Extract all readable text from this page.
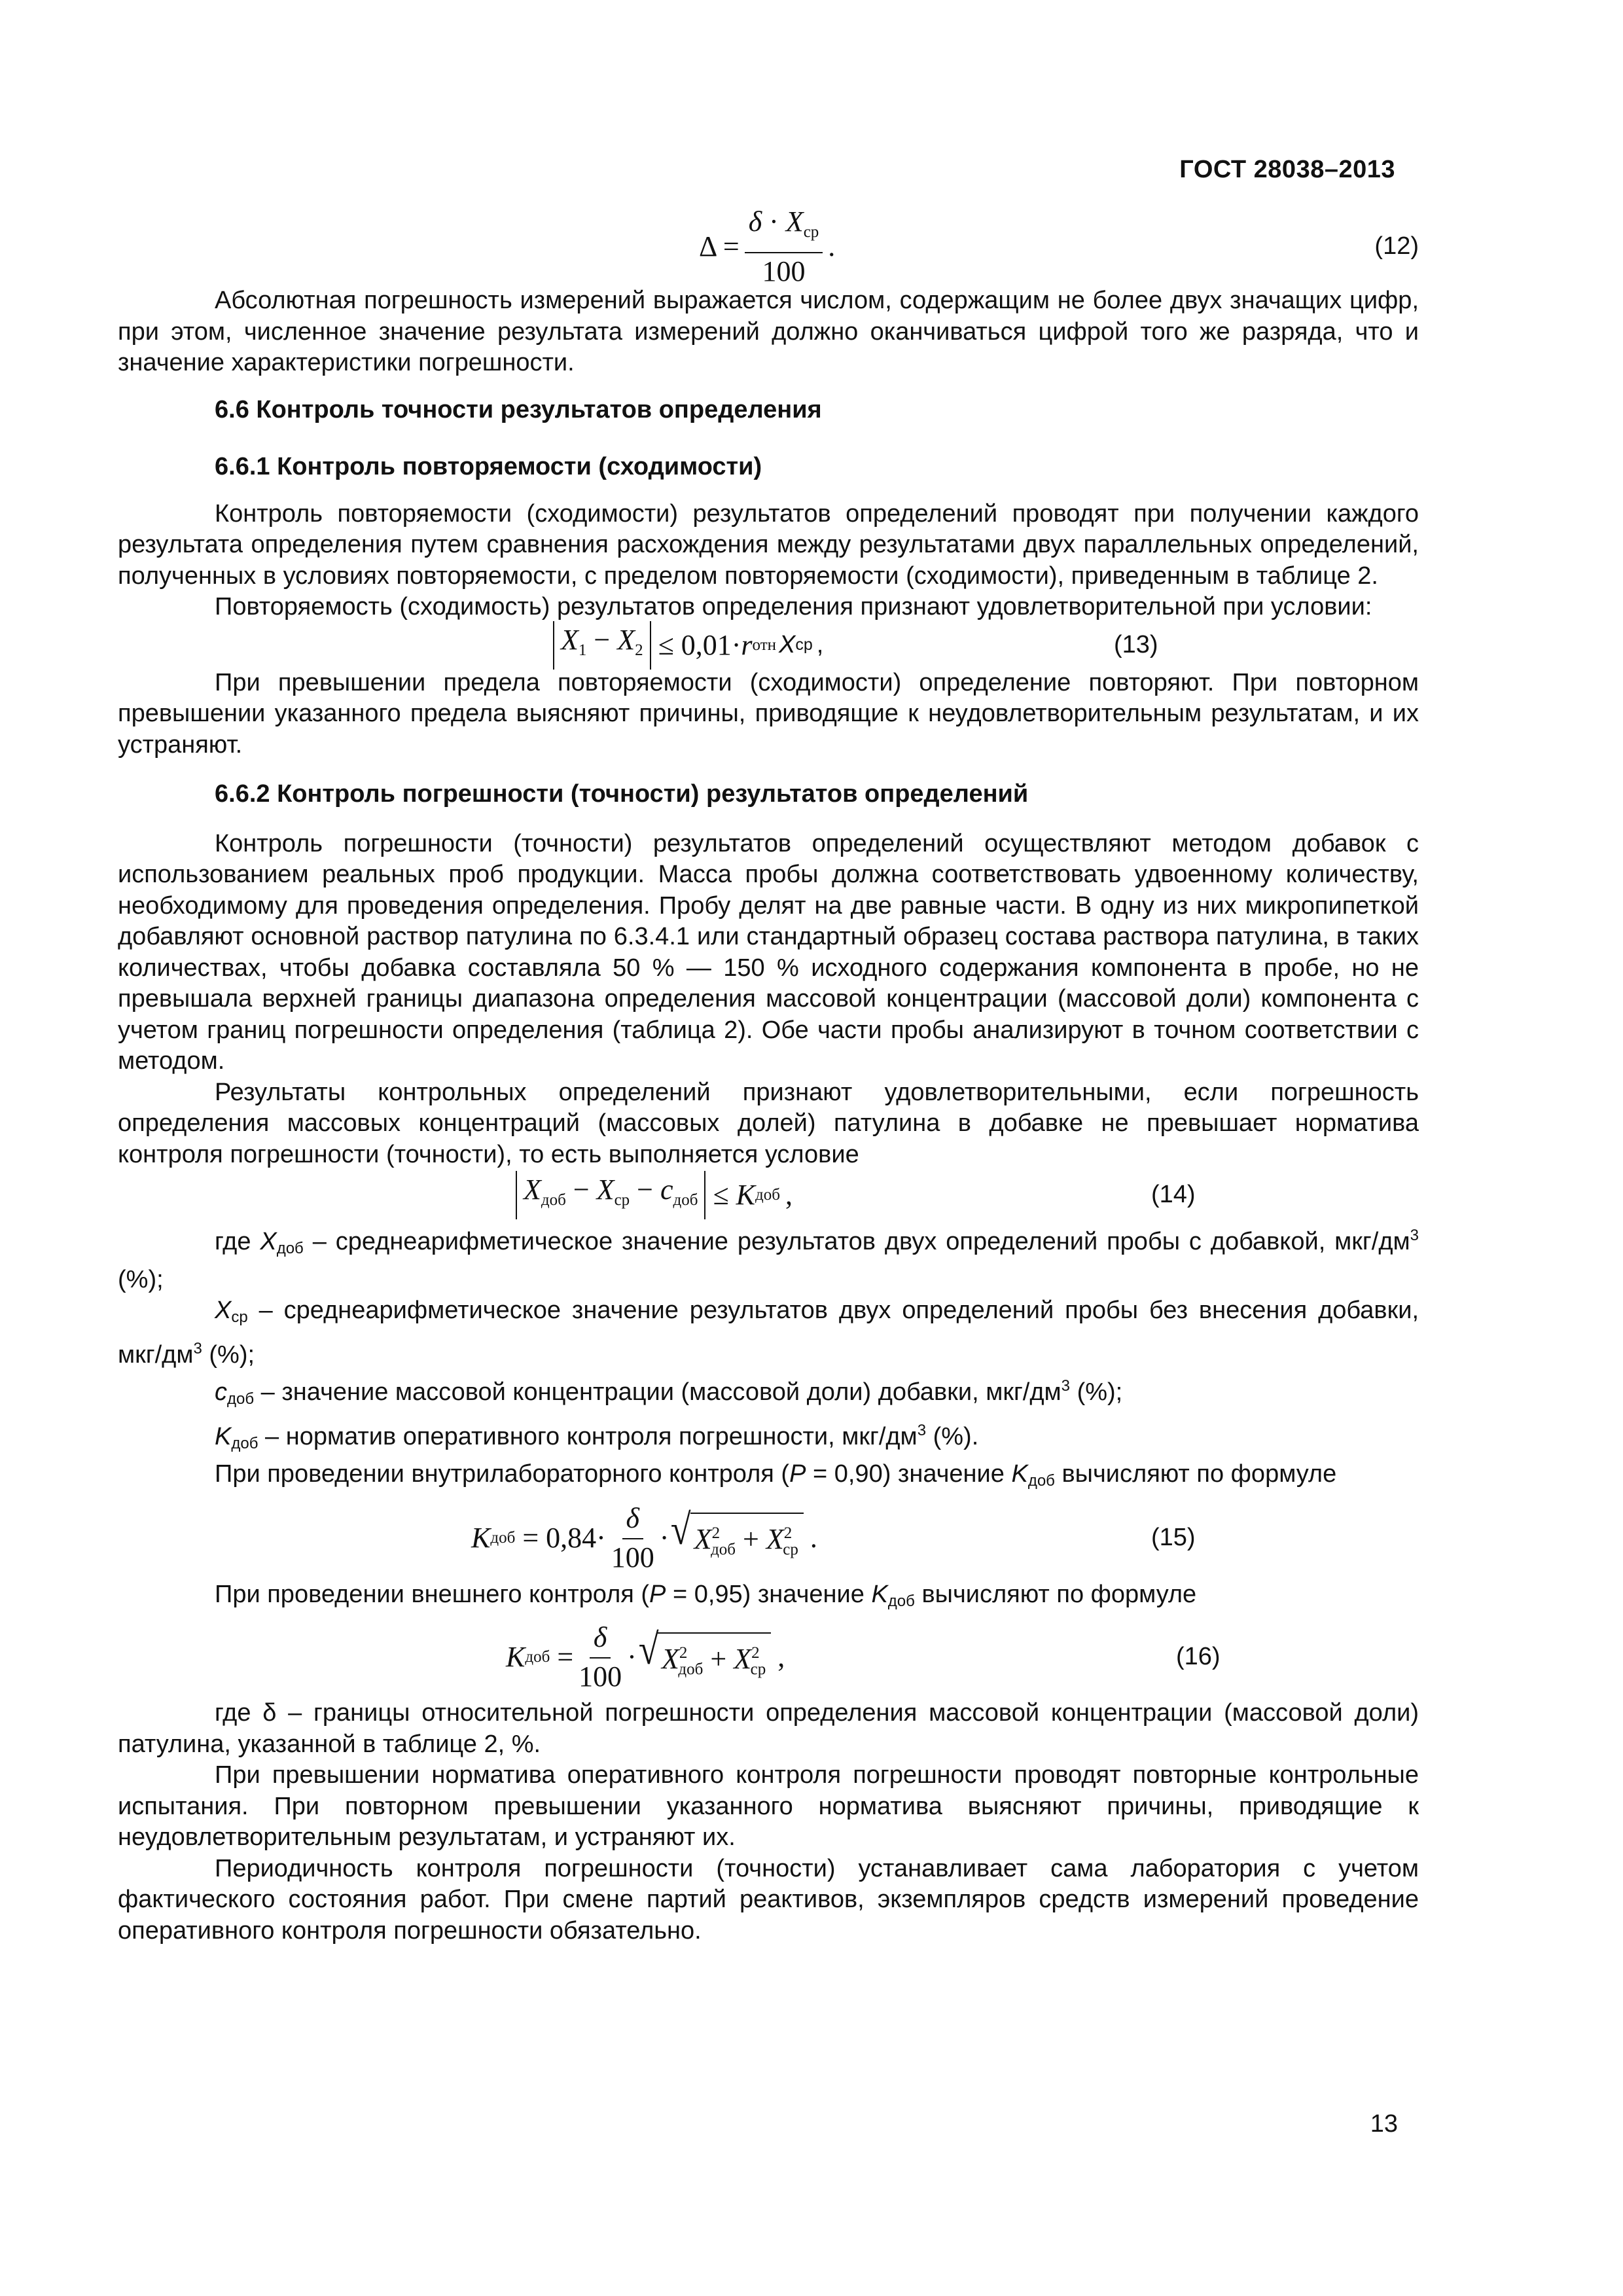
ГОСТ 28038–2013
$\Delta = \frac{\delta \cdot X_{ср}}{100}$ .	(12)

Абсолютная погрешность измерений выражается числом, содержащим не более двух значащих цифр, при этом, численное значение результата измерений должно оканчиваться цифрой того же разряда, что и значение характеристики погрешности.

6.6 Контроль точности результатов определения
6.6.1 Контроль повторяемости (сходимости)

Контроль повторяемости (сходимости) результатов определений проводят при получении каждого результата определения путем сравнения расхождения между результатами двух параллельных определений, полученных в условиях повторяемости, с пределом повторяемости (сходимости), приведенным в таблице 2.

Повторяемость (сходимость) результатов определения признают удовлетворительной при условии:

$X_1 - X_2$
≤ 0,01· r отн X ср ,	(13)

При превышении предела повторяемости (сходимости) определение повторяют. При повторном превышении указанного предела выясняют причины, приводящие к неудовлетворительным результатам, и их устраняют.

6.6.2 Контроль погрешности (точности) результатов определений

Контроль погрешности (точности) результатов определений осуществляют методом добавок с использованием реальных проб продукции. Масса пробы должна соответствовать удвоенному количеству, необходимому для проведения определения. Пробу делят на две равные части. В одну из них микропипеткой добавляют основной раствор патулина по 6.3.4.1 или стандартный образец состава раствора патулина, в таких количествах, чтобы добавка составляла 50 % — 150 % исходного содержания компонента в пробе, но не превышала верхней границы диапазона определения массовой концентрации (массовой доли) компонента с учетом границ погрешности определения (таблица 2). Обе части пробы анализируют в точном соответствии с методом.

Результаты контрольных определений признают удовлетворительными, если погрешность определения массовых концентраций (массовых долей) патулина в добавке не превышает норматива контроля погрешности (точности), то есть выполняется условие

$X_{доб} - X_{ср} - c_{доб}$
≤
K доб ,	(14)

где Xдоб – среднеарифметическое значение результатов двух определений пробы с добавкой, мкг/$дм^3$ (%);

Xср – среднеарифметическое значение результатов двух определений пробы без внесения добавки, мкг/$дм^3$ (%);

cдоб – значение массовой концентрации (массовой доли) добавки, мкг/$дм^3$ (%);

Kдоб – норматив оперативного контроля погрешности, мкг/$дм^3$ (%).

При проведении внутрилабораторного контроля (P = 0,90) значение Kдоб вычисляют по формуле

K доб
= $0,84\cdot \frac{\delta}{100}$ · √ $X^2_{доб} + X^2_{ср}$ .	(15)

При проведении внешнего контроля (P = 0,95) значение Kдоб вычисляют по формуле

K доб
= $\frac{\delta}{100}$ · √ $X^2_{доб} + X^2_{ср}$ ,	(16)

где δ – границы относительной погрешности определения массовой концентрации (массовой доли) патулина, указанной в таблице 2, %.

При превышении норматива оперативного контроля погрешности проводят повторные контрольные испытания. При повторном превышении указанного норматива выясняют причины, приводящие к неудовлетворительным результатам, и устраняют их.

Периодичность контроля погрешности (точности) устанавливает сама лаборатория с учетом фактического состояния работ. При смене партий реактивов, экземпляров средств измерений проведение оперативного контроля погрешности обязательно.

13
